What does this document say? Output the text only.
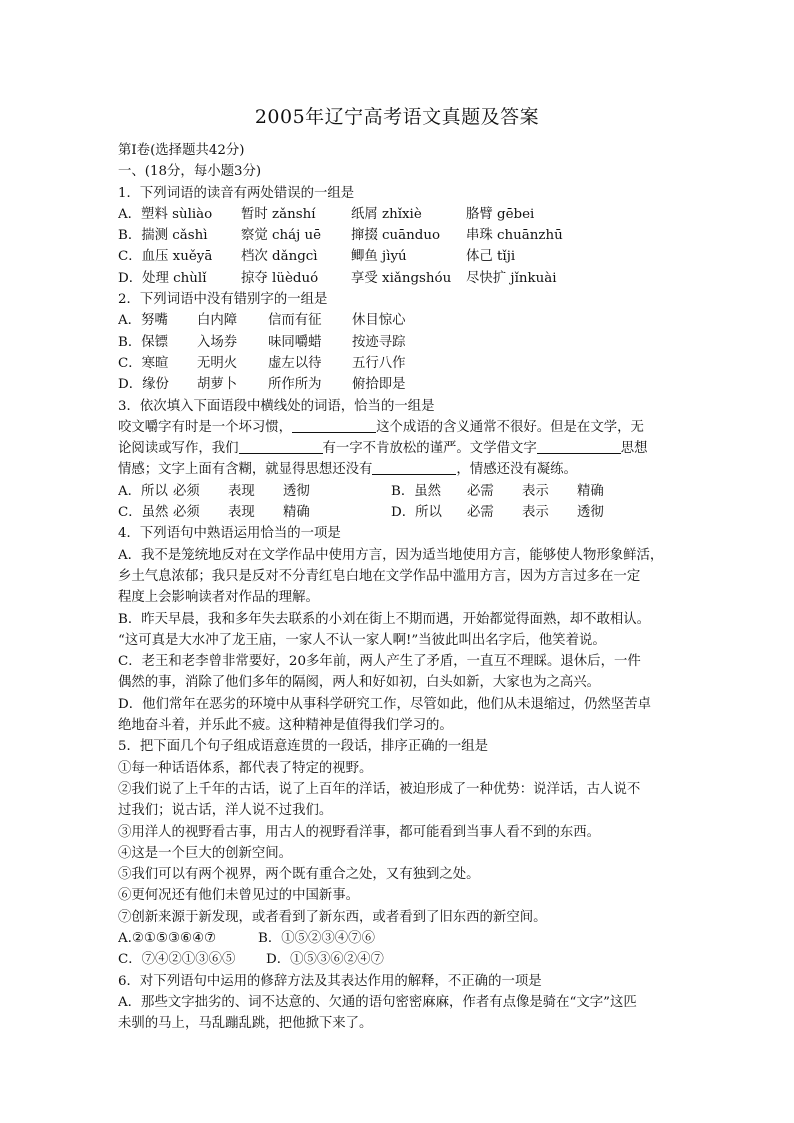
2005年辽宁高考语文真题及答案
第Ⅰ卷(选择题共42分)
一、(18分，每小题3分)
1．下列词语的读音有两处错误的一组是
A．塑料 sùliào	暂时 zǎnshí	纸屑 zhǐxiè	胳臂 gēbei
B．揣测 cǎshì	察觉 cháj uē	撺掇 cuānduo	串珠 chuānzhū
C．血压 xuěyā	档次 dǎngcì	鲫鱼 jìyú	体己 tǐji
D．处理 chùlǐ	掠夺 lüèduó	享受 xiǎngshóu	尽快扩 jǐnkuài
2．下列词语中没有错别字的一组是
A．努嘴	白内障	信而有征	休目惊心
B．保镖	入场券	味同嚼蜡	按迹寻踪
C．寒暄	无明火	虚左以待	五行八作
D．缘份	胡萝卜	所作所为	俯拾即是
3．依次填入下面语段中横线处的词语，恰当的一组是
咬文嚼字有时是一个坏习惯，	这个成语的含义通常不很好。但是在文学，无
论阅读或写作，我们	有一字不肯放松的谨严。文学借文字	思想
情感；文字上面有含糊，就显得思想还没有	，情感还没有凝练。
A．所以 必须	表现	透彻	B．虽然	必需	表示	精确
C．虽然 必须	表现	精确	D．所以	必需	表示	透彻
4．下列语句中熟语运用恰当的一项是
A．我不是笼统地反对在文学作品中使用方言，因为适当地使用方言，能够使人物形象鲜活，
乡土气息浓郁；我只是反对不分青红皂白地在文学作品中滥用方言，因为方言过多在一定
程度上会影响读者对作品的理解。
B．昨天早晨，我和多年失去联系的小刘在街上不期而遇，开始都觉得面熟，却不敢相认。
“这可真是大水冲了龙王庙，一家人不认一家人啊!”当彼此叫出名字后，他笑着说。
C．老王和老李曾非常要好，20多年前，两人产生了矛盾，一直互不理睬。退休后，一件
偶然的事，消除了他们多年的隔阂，两人和好如初，白头如新，大家也为之高兴。
D．他们常年在恶劣的环境中从事科学研究工作，尽管如此，他们从未退缩过，仍然坚苦卓
绝地奋斗着，并乐此不疲。这种精神是值得我们学习的。
5．把下面几个句子组成语意连贯的一段话，排序正确的一组是
①每一种话语体系，都代表了特定的视野。
②我们说了上千年的古话，说了上百年的洋话，被迫形成了一种优势：说洋话，古人说不
过我们；说古话，洋人说不过我们。
③用洋人的视野看古事，用古人的视野看洋事，都可能看到当事人看不到的东西。
④这是一个巨大的创新空间。
⑤我们可以有两个视界，两个既有重合之处，又有独到之处。
⑥更何况还有他们未曾见过的中国新事。
⑦创新来源于新发现，或者看到了新东西，或者看到了旧东西的新空间。
A.②①⑤③⑥④⑦	B．①⑤②③④⑦⑥
C．⑦④②①③⑥⑤	D．①⑤③⑥②④⑦
6．对下列语句中运用的修辞方法及其表达作用的解释，不正确的一项是
A．那些文字拙劣的、词不达意的、欠通的语句密密麻麻，作者有点像是骑在“文字”这匹
未驯的马上，马乱蹦乱跳，把他掀下来了。
